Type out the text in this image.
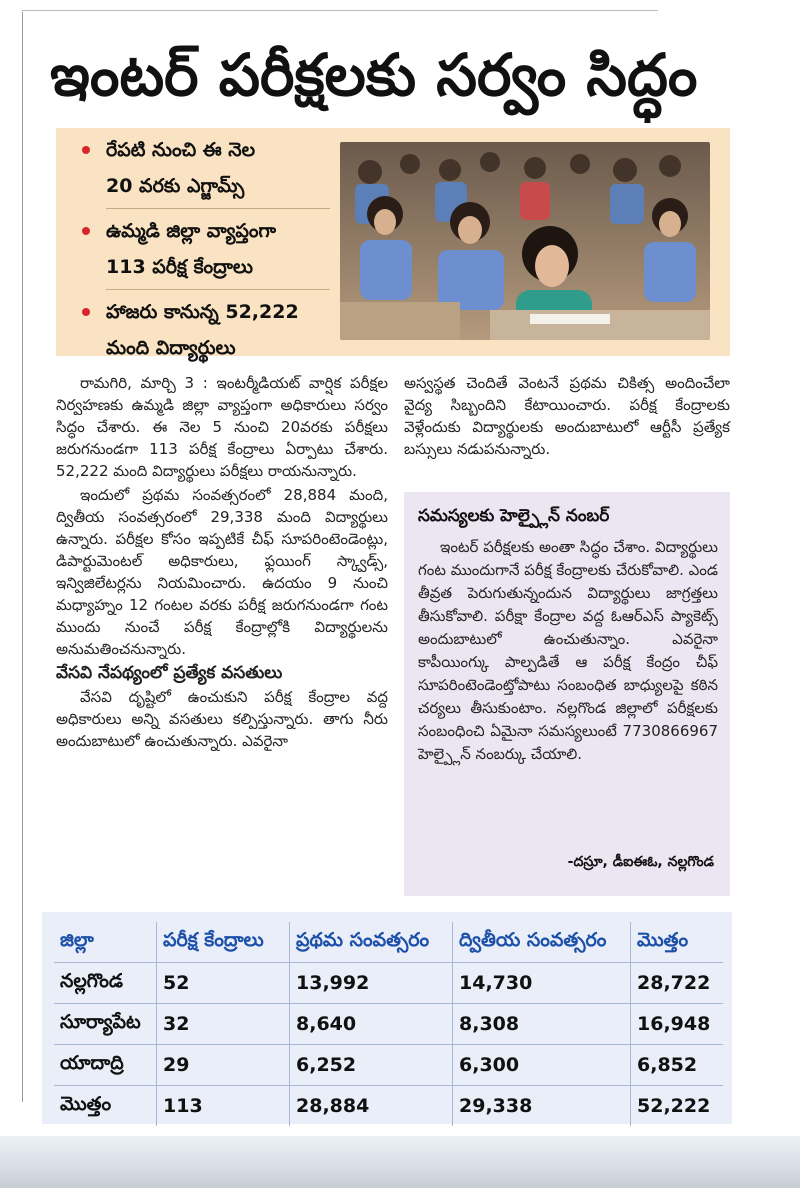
ఇంటర్ పరీక్షలకు సర్వం సిద్ధం
రేపటి నుంచి ఈ నెల
20 వరకు ఎగ్జామ్స్
ఉమ్మడి జిల్లా వ్యాప్తంగా
113 పరీక్ష కేంద్రాలు
హాజరు కానున్న 52,222
మంది విద్యార్థులు

రామగిరి, మార్చి 3 : ఇంటర్మీడియట్ వార్షిక పరీక్షల నిర్వహణకు ఉమ్మడి జిల్లా వ్యాప్తంగా అధికారులు సర్వం సిద్ధం చేశారు. ఈ నెల 5 నుంచి 20వరకు పరీక్షలు జరుగనుండగా 113 పరీక్ష కేంద్రాలు ఏర్పాటు చేశారు. 52,222 మంది విద్యార్థులు పరీక్షలు రాయనున్నారు.

ఇందులో ప్రథమ సంవత్సరంలో 28,884 మంది, ద్వితీయ సంవత్సరంలో 29,338 మంది విద్యార్థులు ఉన్నారు. పరీక్షల కోసం ఇప్పటికే చీఫ్ సూపరింటెండెంట్లు, డిపార్టుమెంటల్ అధికారులు, ఫ్లయింగ్ స్క్వాడ్స్, ఇన్విజిలేటర్లను నియమించారు. ఉదయం 9 నుంచి మధ్యాహ్నం 12 గంటల వరకు పరీక్ష జరుగనుండగా గంట ముందు నుంచే పరీక్ష కేంద్రాల్లోకి విద్యార్థులను అనుమతించనున్నారు.

వేసవి నేపథ్యంలో ప్రత్యేక వసతులు

వేసవి దృష్టిలో ఉంచుకుని పరీక్ష కేంద్రాల వద్ద అధికారులు అన్ని వసతులు కల్పిస్తున్నారు. తాగు నీరు అందుబాటులో ఉంచుతున్నారు. ఎవరైనా

అస్వస్థత చెందితే వెంటనే ప్రథమ చికిత్స అందించేలా వైద్య సిబ్బందిని కేటాయించారు. పరీక్ష కేంద్రాలకు వెళ్లేందుకు విద్యార్థులకు అందుబాటులో ఆర్టీసీ ప్రత్యేక బస్సులు నడుపనున్నారు.

సమస్యలకు హెల్ప్లైన్ నంబర్

ఇంటర్ పరీక్షలకు అంతా సిద్ధం చేశాం. విద్యార్థులు గంట ముందుగానే పరీక్ష కేంద్రాలకు చేరుకోవాలి. ఎండ తీవ్రత పెరుగుతున్నందున విద్యార్థులు జాగ్రత్తలు తీసుకోవాలి. పరీక్షా కేంద్రాల వద్ద ఓఆర్ఎస్ ప్యాకెట్స్ అందుబాటులో ఉంచుతున్నాం. ఎవరైనా కాపీయింగ్కు పాల్పడితే ఆ పరీక్ష కేంద్రం చీఫ్ సూపరింటెండెంట్తోపాటు సంబంధిత బాధ్యులపై కఠిన చర్యలు తీసుకుంటాం. నల్లగొండ జిల్లాలో పరీక్షలకు సంబంధించి ఏమైనా సమస్యలుంటే 7730866967 హెల్ప్లైన్ నంబర్కు చేయాలి.

-దస్రూ, డీఐఈఓ, నల్లగొండ
జిల్లా	పరీక్ష కేంద్రాలు	ప్రథమ సంవత్సరం	ద్వితీయ సంవత్సరం	మొత్తం
నల్లగొండ	52	13,992	14,730	28,722
సూర్యాపేట	32	8,640	8,308	16,948
యాదాద్రి	29	6,252	6,300	6,852
మొత్తం	113	28,884	29,338	52,222
